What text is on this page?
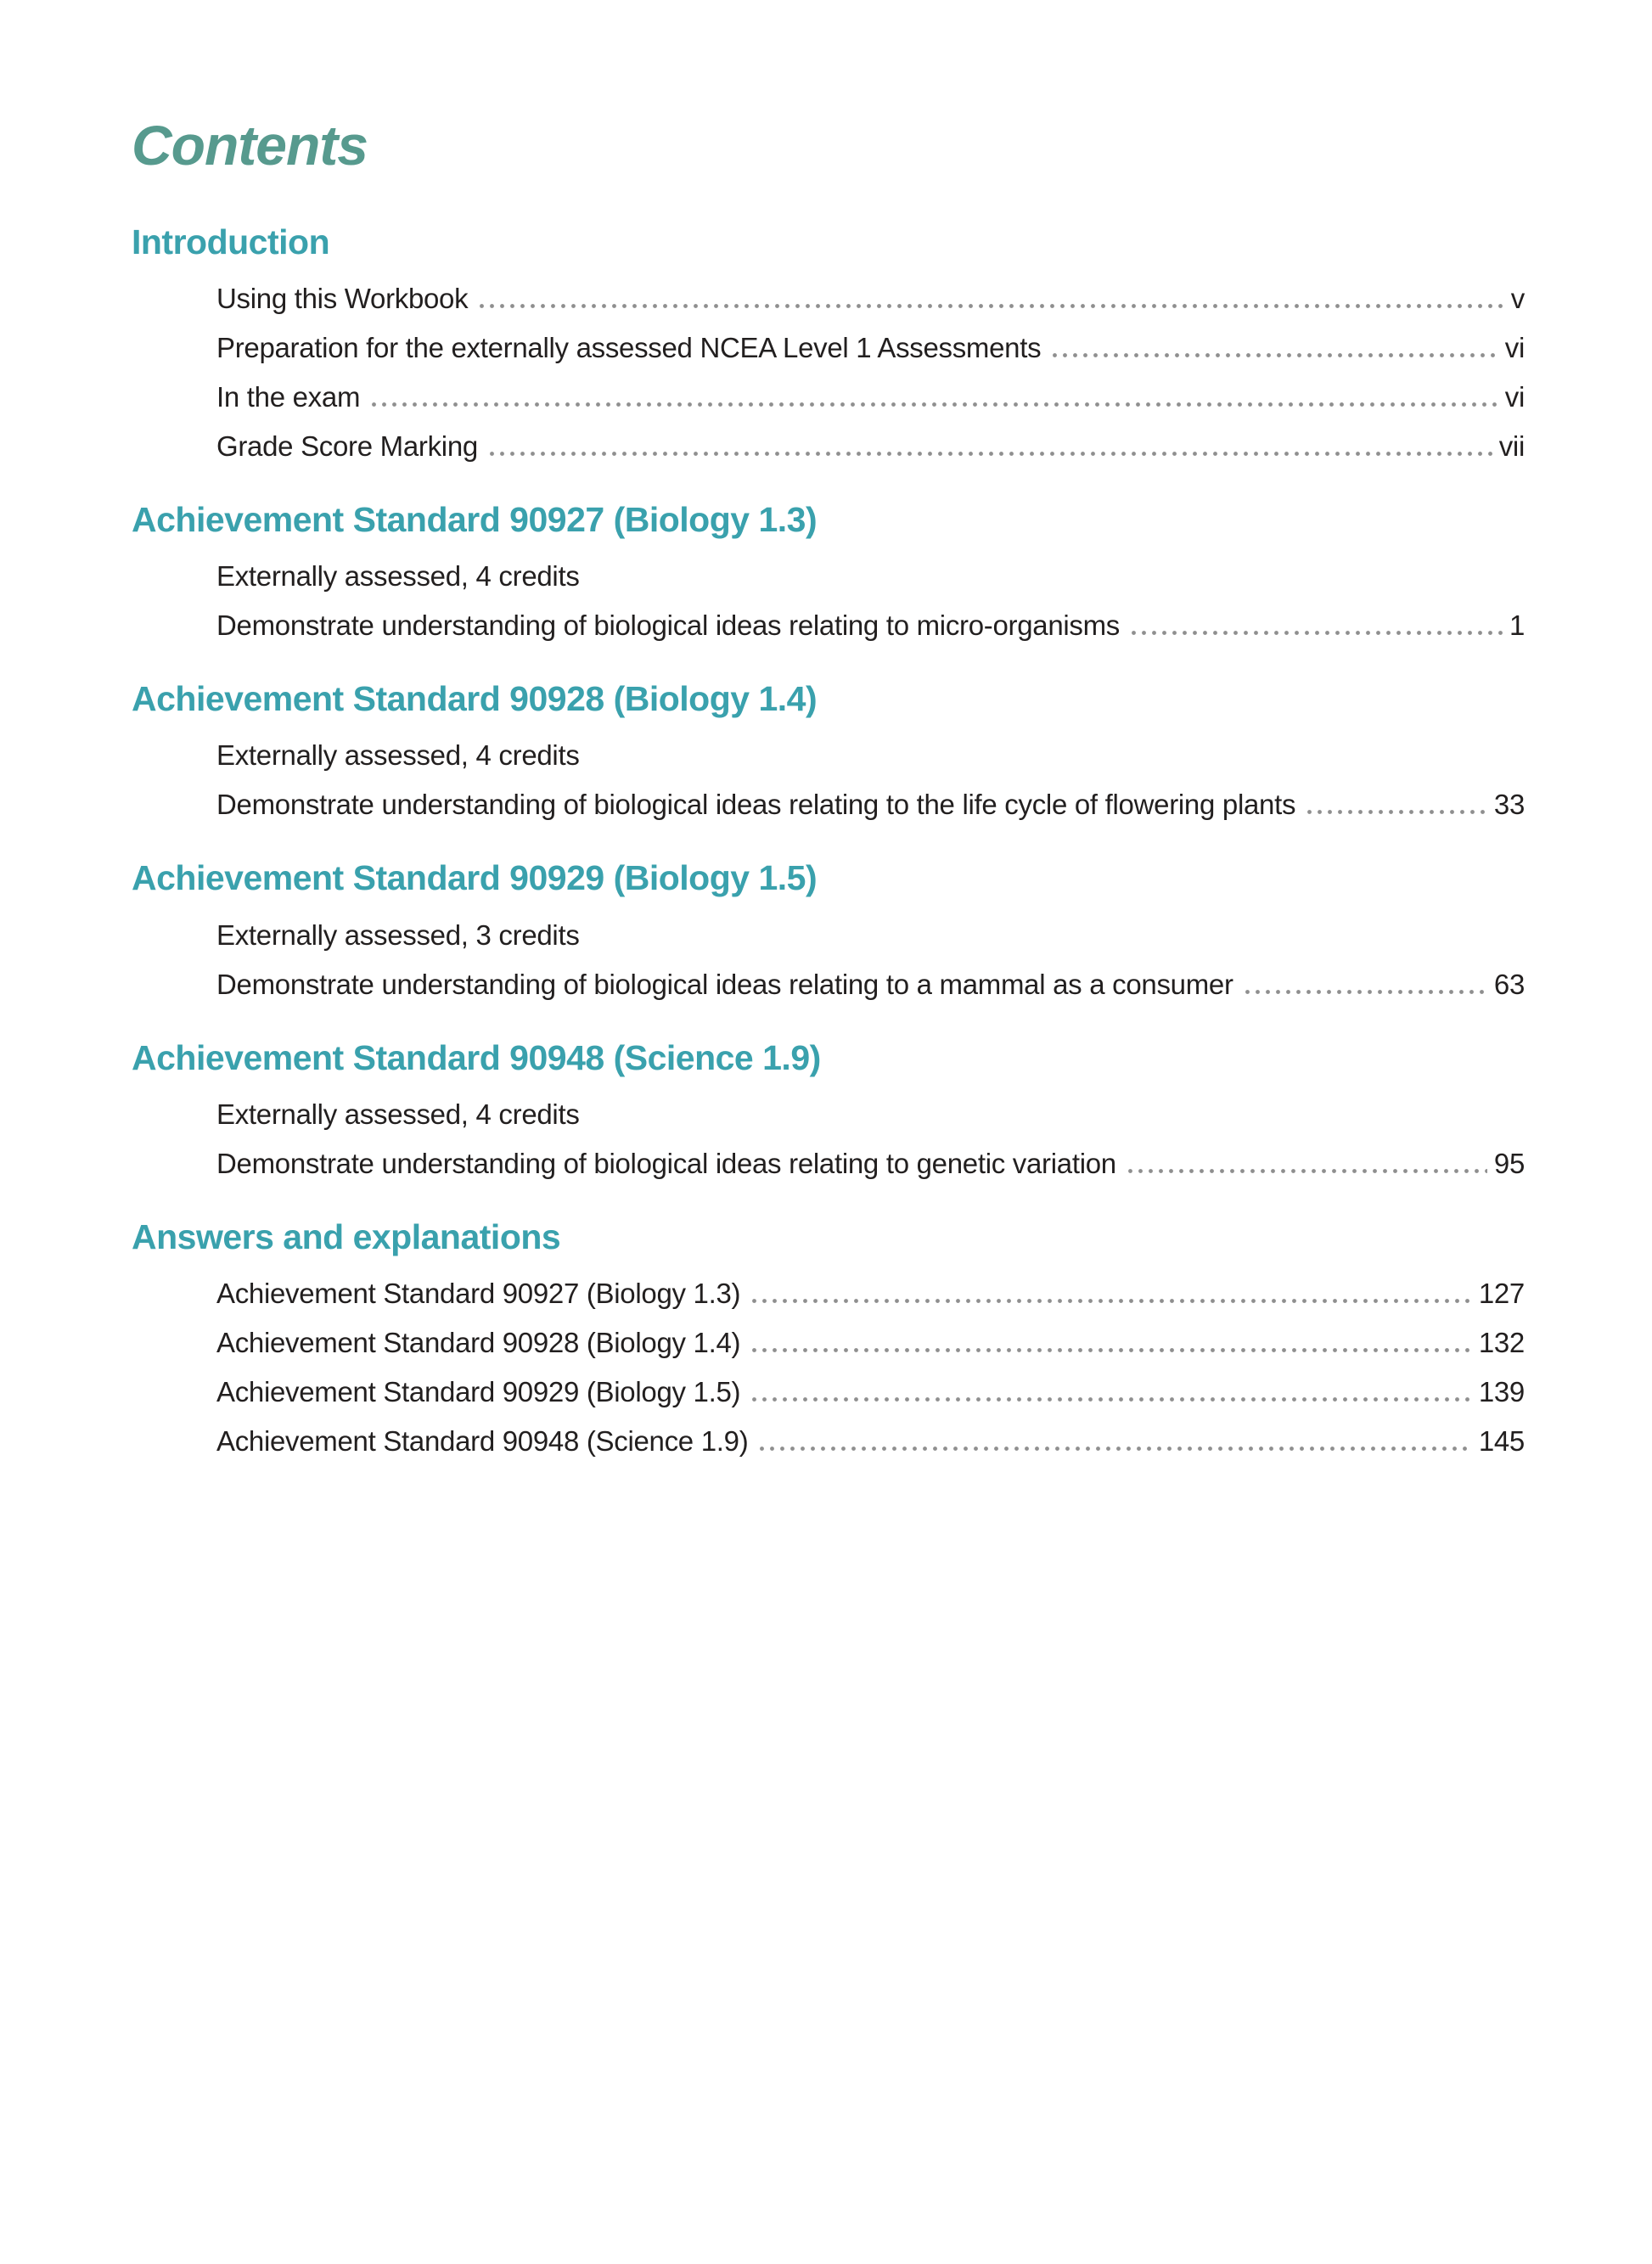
Contents
Introduction
Using this Workbook	v
Preparation for the externally assessed NCEA Level 1 Assessments	vi
In the exam	vi
Grade Score Marking	vii
Achievement Standard 90927 (Biology 1.3)
Externally assessed, 4 credits
Demonstrate understanding of biological ideas relating to micro-organisms	1
Achievement Standard 90928 (Biology 1.4)
Externally assessed, 4 credits
Demonstrate understanding of biological ideas relating to the life cycle of flowering plants	33
Achievement Standard 90929 (Biology 1.5)
Externally assessed, 3 credits
Demonstrate understanding of biological ideas relating to a mammal as a consumer	63
Achievement Standard 90948 (Science 1.9)
Externally assessed, 4 credits
Demonstrate understanding of biological ideas relating to genetic variation	95
Answers and explanations
Achievement Standard 90927 (Biology 1.3)	127
Achievement Standard 90928 (Biology 1.4)	132
Achievement Standard 90929 (Biology 1.5)	139
Achievement Standard 90948 (Science 1.9)	145
